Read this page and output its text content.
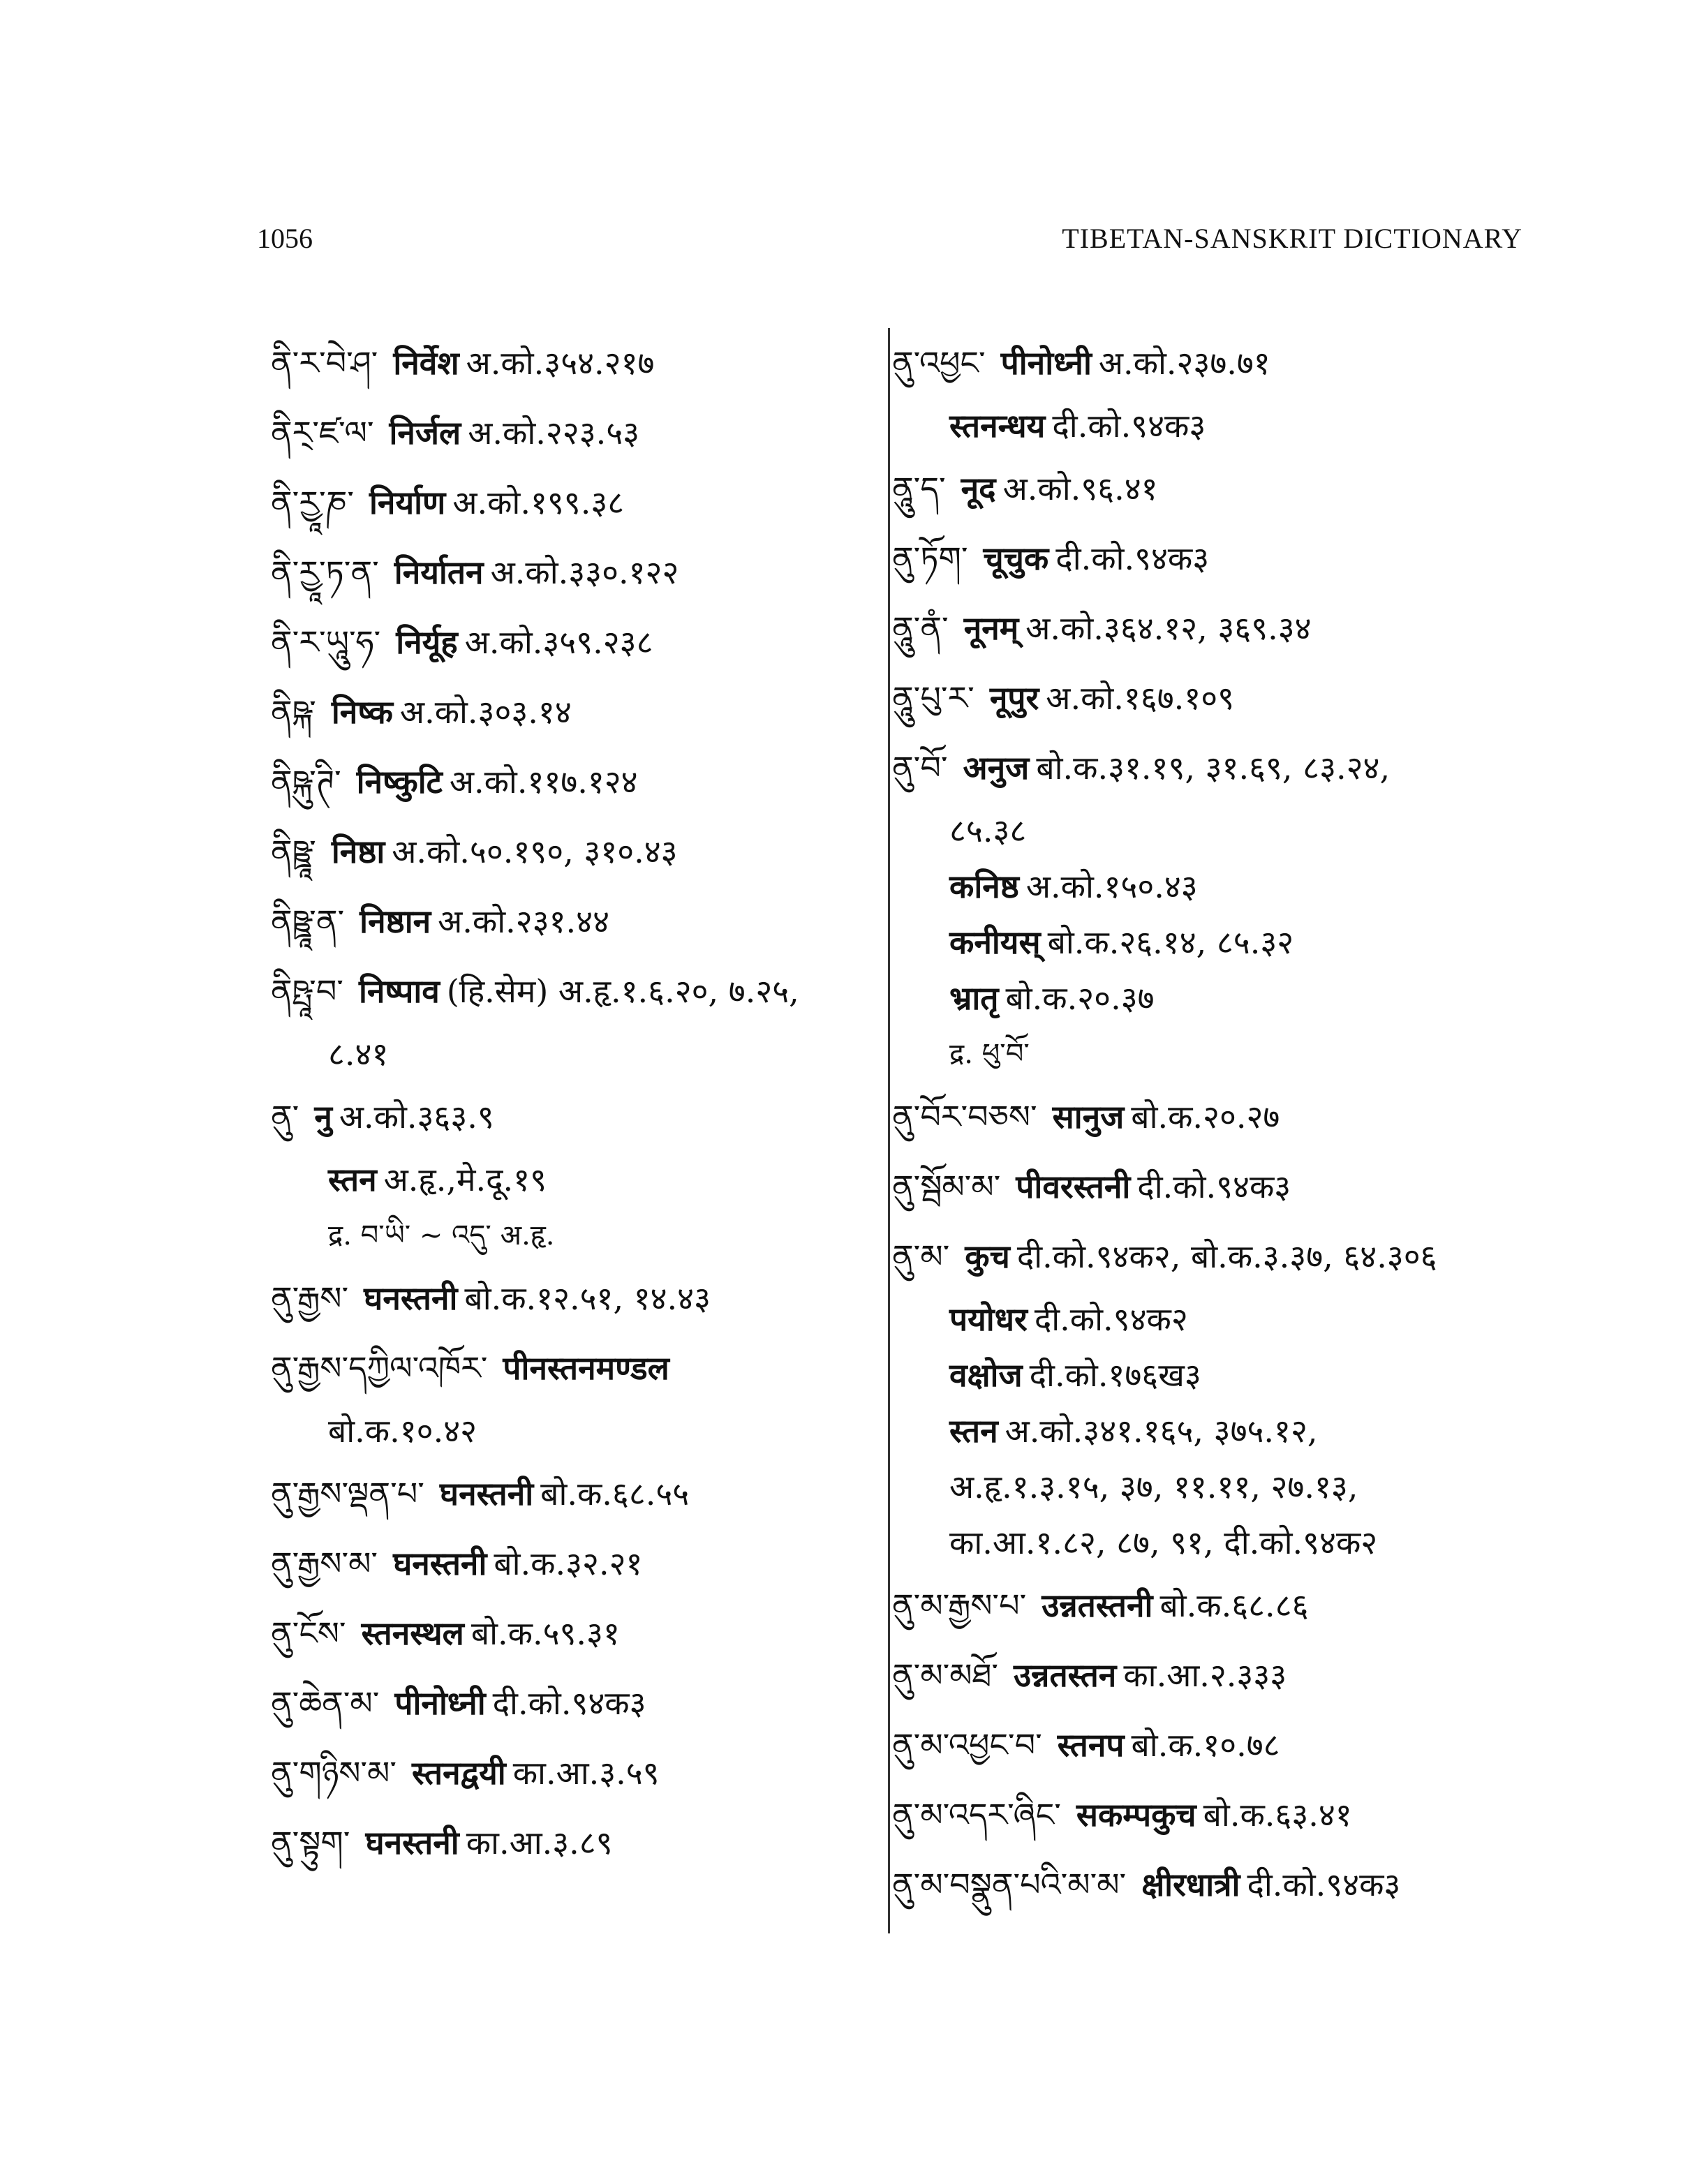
1056	TIBETAN-SANSKRIT DICTIONARY
ནི་ར་བེ་ཤ་ निर्वेश अ.को.३५४.२१७
ནིར྄་ཛ་ལ་ निर्जल अ.को.२२३.५३
ནི་རྱཱ་ཎ་ निर्याण अ.को.१९९.३८
ནི་རྱཱ་ཏ་ན་ निर्यातन अ.को.३३०.१२२
ནི་ར་ཡཱུ་ཧ་ निर्यूह अ.को.३५९.२३८
ནིཥྐ་ निष्क अ.को.३०३.१४
ནིཥྐུ་ཊི་ निष्कुटि अ.को.११७.१२४
ནིཥྛཱ་ निष्ठा अ.को.५०.१९०, ३१०.४३
ནིཥྛཱ་ན་ निष्ठान अ.को.२३१.४४
ནིཥྤཱ་བ་ निष्पाव (हि.सेम) अ.हृ.१.६.२०, ७.२५,
८.४१
ནུ་ नु अ.को.३६३.९
स्तन अ.हृ.,मे.दू.१९
द्र. བ་ཡི་ ~ འདུ་ अ.हृ.
ནུ་རྒྱས་ घनस्तनी बो.क.१२.५१, १४.४३
ནུ་རྒྱས་དཀྱིལ་འཁོར་ पीनस्तनमण्डल
बो.क.१०.४२
ནུ་རྒྱས་ལྡན་པ་ घनस्तनी बो.क.६८.५५
ནུ་རྒྱས་མ་ घनस्तनी बो.क.३२.२१
ནུ་ངོས་ स्तनस्थल बो.क.५९.३१
ནུ་ཆེན་མ་ पीनोध्नी दी.को.९४क३
ནུ་གཉིས་མ་ स्तनद्वयी का.आ.३.५९
ནུ་སྟུག་ घनस्तनी का.आ.३.८९
ནུ་འཕྱང་ पीनोध्नी अ.को.२३७.७१
स्तनन्धय दी.को.९४क३
ནཱུ་ད་ नूद अ.को.९६.४१
ནུ་ཏོག་ चूचुक दी.को.९४क३
ནཱུ་ནཾ་ नूनम् अ.को.३६४.१२, ३६९.३४
ནཱུ་པུ་ར་ नूपुर अ.को.१६७.१०९
ནུ་བོ་ अनुज बो.क.३१.१९, ३१.६९, ८३.२४,
८५.३८
कनिष्ठ अ.को.१५०.४३
कनीयस् बो.क.२६.१४, ८५.३२
भ्रातृ बो.क.२०.३७
द्र. ཕུ་བོ་
ནུ་བོར་བཅས་ सानुज बो.क.२०.२७
ནུ་སྦོམ་མ་ पीवरस्तनी दी.को.९४क३
ནུ་མ་ कुच दी.को.९४क२, बो.क.३.३७, ६४.३०६
पयोधर दी.को.९४क२
वक्षोज दी.को.१७६ख३
स्तन अ.को.३४१.१६५, ३७५.१२,
अ.हृ.१.३.१५, ३७, ११.११, २७.१३,
का.आ.१.८२, ८७, ९१, दी.को.९४क२
ནུ་མ་རྒྱས་པ་ उन्नतस्तनी बो.क.६८.८६
ནུ་མ་མཐོ་ उन्नतस्तन का.आ.२.३३३
ནུ་མ་འཕྱང་བ་ स्तनप बो.क.१०.७८
ནུ་མ་འདར་ཞིང་ सकम्पकुच बो.क.६३.४१
ནུ་མ་བསྣུན་པའི་མ་མ་ क्षीरधात्री दी.को.९४क३
